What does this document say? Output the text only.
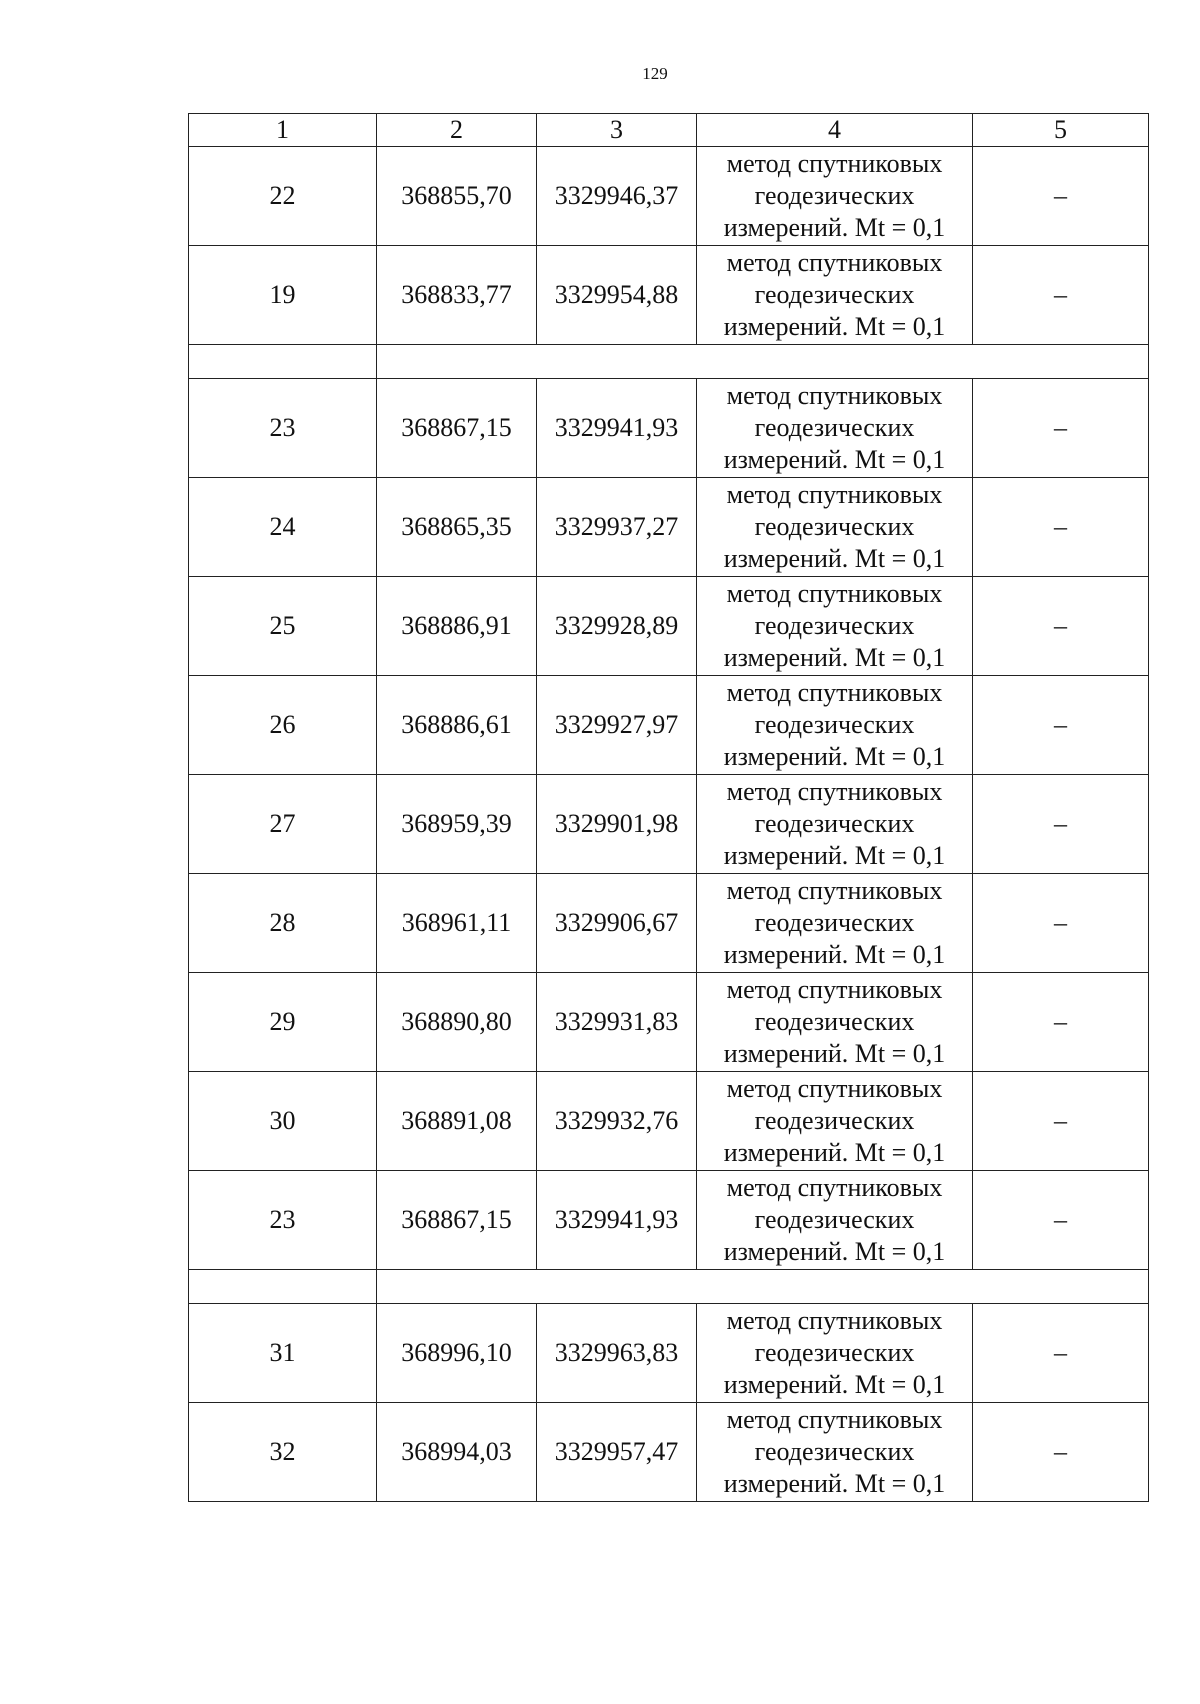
129
1	2	3	4	5
22	368855,70	3329946,37	метод спутниковых
геодезических
измерений. Mt = 0,1	–
19	368833,77	3329954,88	метод спутниковых
геодезических
измерений. Mt = 0,1	–

23	368867,15	3329941,93	метод спутниковых
геодезических
измерений. Mt = 0,1	–
24	368865,35	3329937,27	метод спутниковых
геодезических
измерений. Mt = 0,1	–
25	368886,91	3329928,89	метод спутниковых
геодезических
измерений. Mt = 0,1	–
26	368886,61	3329927,97	метод спутниковых
геодезических
измерений. Mt = 0,1	–
27	368959,39	3329901,98	метод спутниковых
геодезических
измерений. Mt = 0,1	–
28	368961,11	3329906,67	метод спутниковых
геодезических
измерений. Mt = 0,1	–
29	368890,80	3329931,83	метод спутниковых
геодезических
измерений. Mt = 0,1	–
30	368891,08	3329932,76	метод спутниковых
геодезических
измерений. Mt = 0,1	–
23	368867,15	3329941,93	метод спутниковых
геодезических
измерений. Mt = 0,1	–

31	368996,10	3329963,83	метод спутниковых
геодезических
измерений. Mt = 0,1	–
32	368994,03	3329957,47	метод спутниковых
геодезических
измерений. Mt = 0,1	–
